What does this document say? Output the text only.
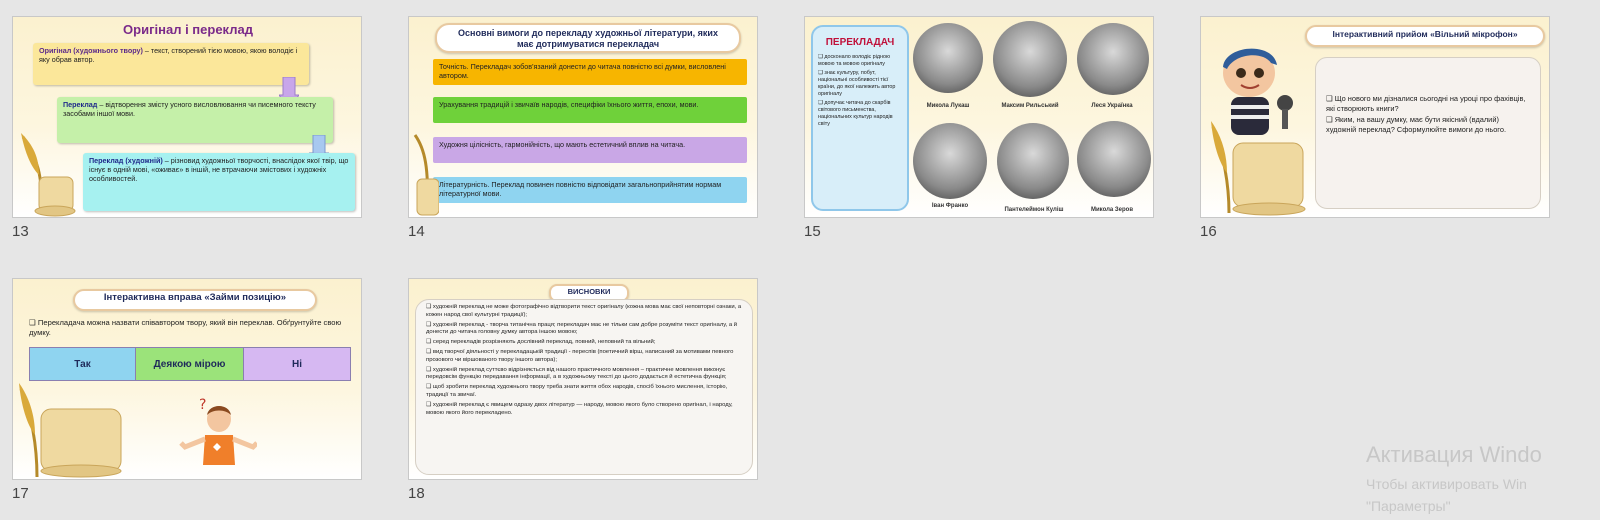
Оригінал і переклад
Оригінал (художнього твору) – текст, створений тією мовою, якою володіє і яку обрав автор.
Переклад – відтворення змісту усного висловлювання чи писемного тексту засобами іншої мови.
Переклад (художній) – різновид художньої творчості, внаслідок якої твір, що існує в одній мові, «оживає» в іншій, не втрачаючи змістових і художніх особливостей.
13
Основні вимоги до перекладу художньої літератури, яких має дотримуватися перекладач
Точність. Перекладач зобов'язаний донести до читача повністю всі думки, висловлені автором.
Урахування традицій і звичаїв народів, специфіки їхнього життя, епохи, мови.
Художня цілісність, гармонійність, що мають естетичний вплив на читача.
Літературність. Переклад повинен повністю відповідати загальноприйнятим нормам літературної мови.
14
ПЕРЕКЛАДАЧ
❑ досконало володіє рідною мовою та мовою оригіналу
❑ знає культуру, побут, національні особливості тієї країни, до якої належить автор оригіналу
❑ допучає читача до скарбів світового письменства, національних культур народів світу
Микола Лукаш	Максим Рильський	Леся Українка
Іван Франко
Пантелеймон Куліш	Микола Зеров
15
Інтерактивний прийом «Вільний мікрофон»
❑ Що нового ми дізналися сьогодні на уроці про фахівців, які створюють книги?
❑ Яким, на вашу думку, має бути якісний (вдалий) художній переклад? Сформулюйте вимоги до нього.
16
Інтерактивна вправа «Займи позицію»
❑ Перекладача можна назвати співавтором твору, який він переклав. Обґрунтуйте свою думку.
Так	Деякою мірою	Ні
?
17
ВИСНОВКИ
❑ художній переклад не може фотографічно відтворити текст оригіналу (кожна мова має свої неповторні ознаки, а кожен народ свої культурні традиції);
❑ художній переклад - творча титанічна праця; перекладач має не тільки сам добре розуміти текст оригіналу, а й донести до читача головну думку автора іншою мовою;
❑ серед перекладів розрізняють дослівний переклад, повний, неповний та вільний;
❑ вид творчої діяльності у перекладацькій традиції - переспів (поетичний вірш, написаний за мотивами певного прозового чи віршованого твору іншого автора);
❑ художній переклад суттєво відрізняється від нашого практичного мовлення – практичне мовлення виконує передовсім функцію передавання інформації, а в художньому тексті до цього додається й естетична функція;
❑ щоб зробити переклад художнього твору треба знати життя обох народів, спосіб їхнього мислення, історію, традиції та звичаї.
❑ художній переклад є явищем одразу двох літератур — народу, мовою якого було створено оригінал, і народу, мовою якого його перекладено.
18
Активация Windo
Чтобы активировать Win
"Параметры"
